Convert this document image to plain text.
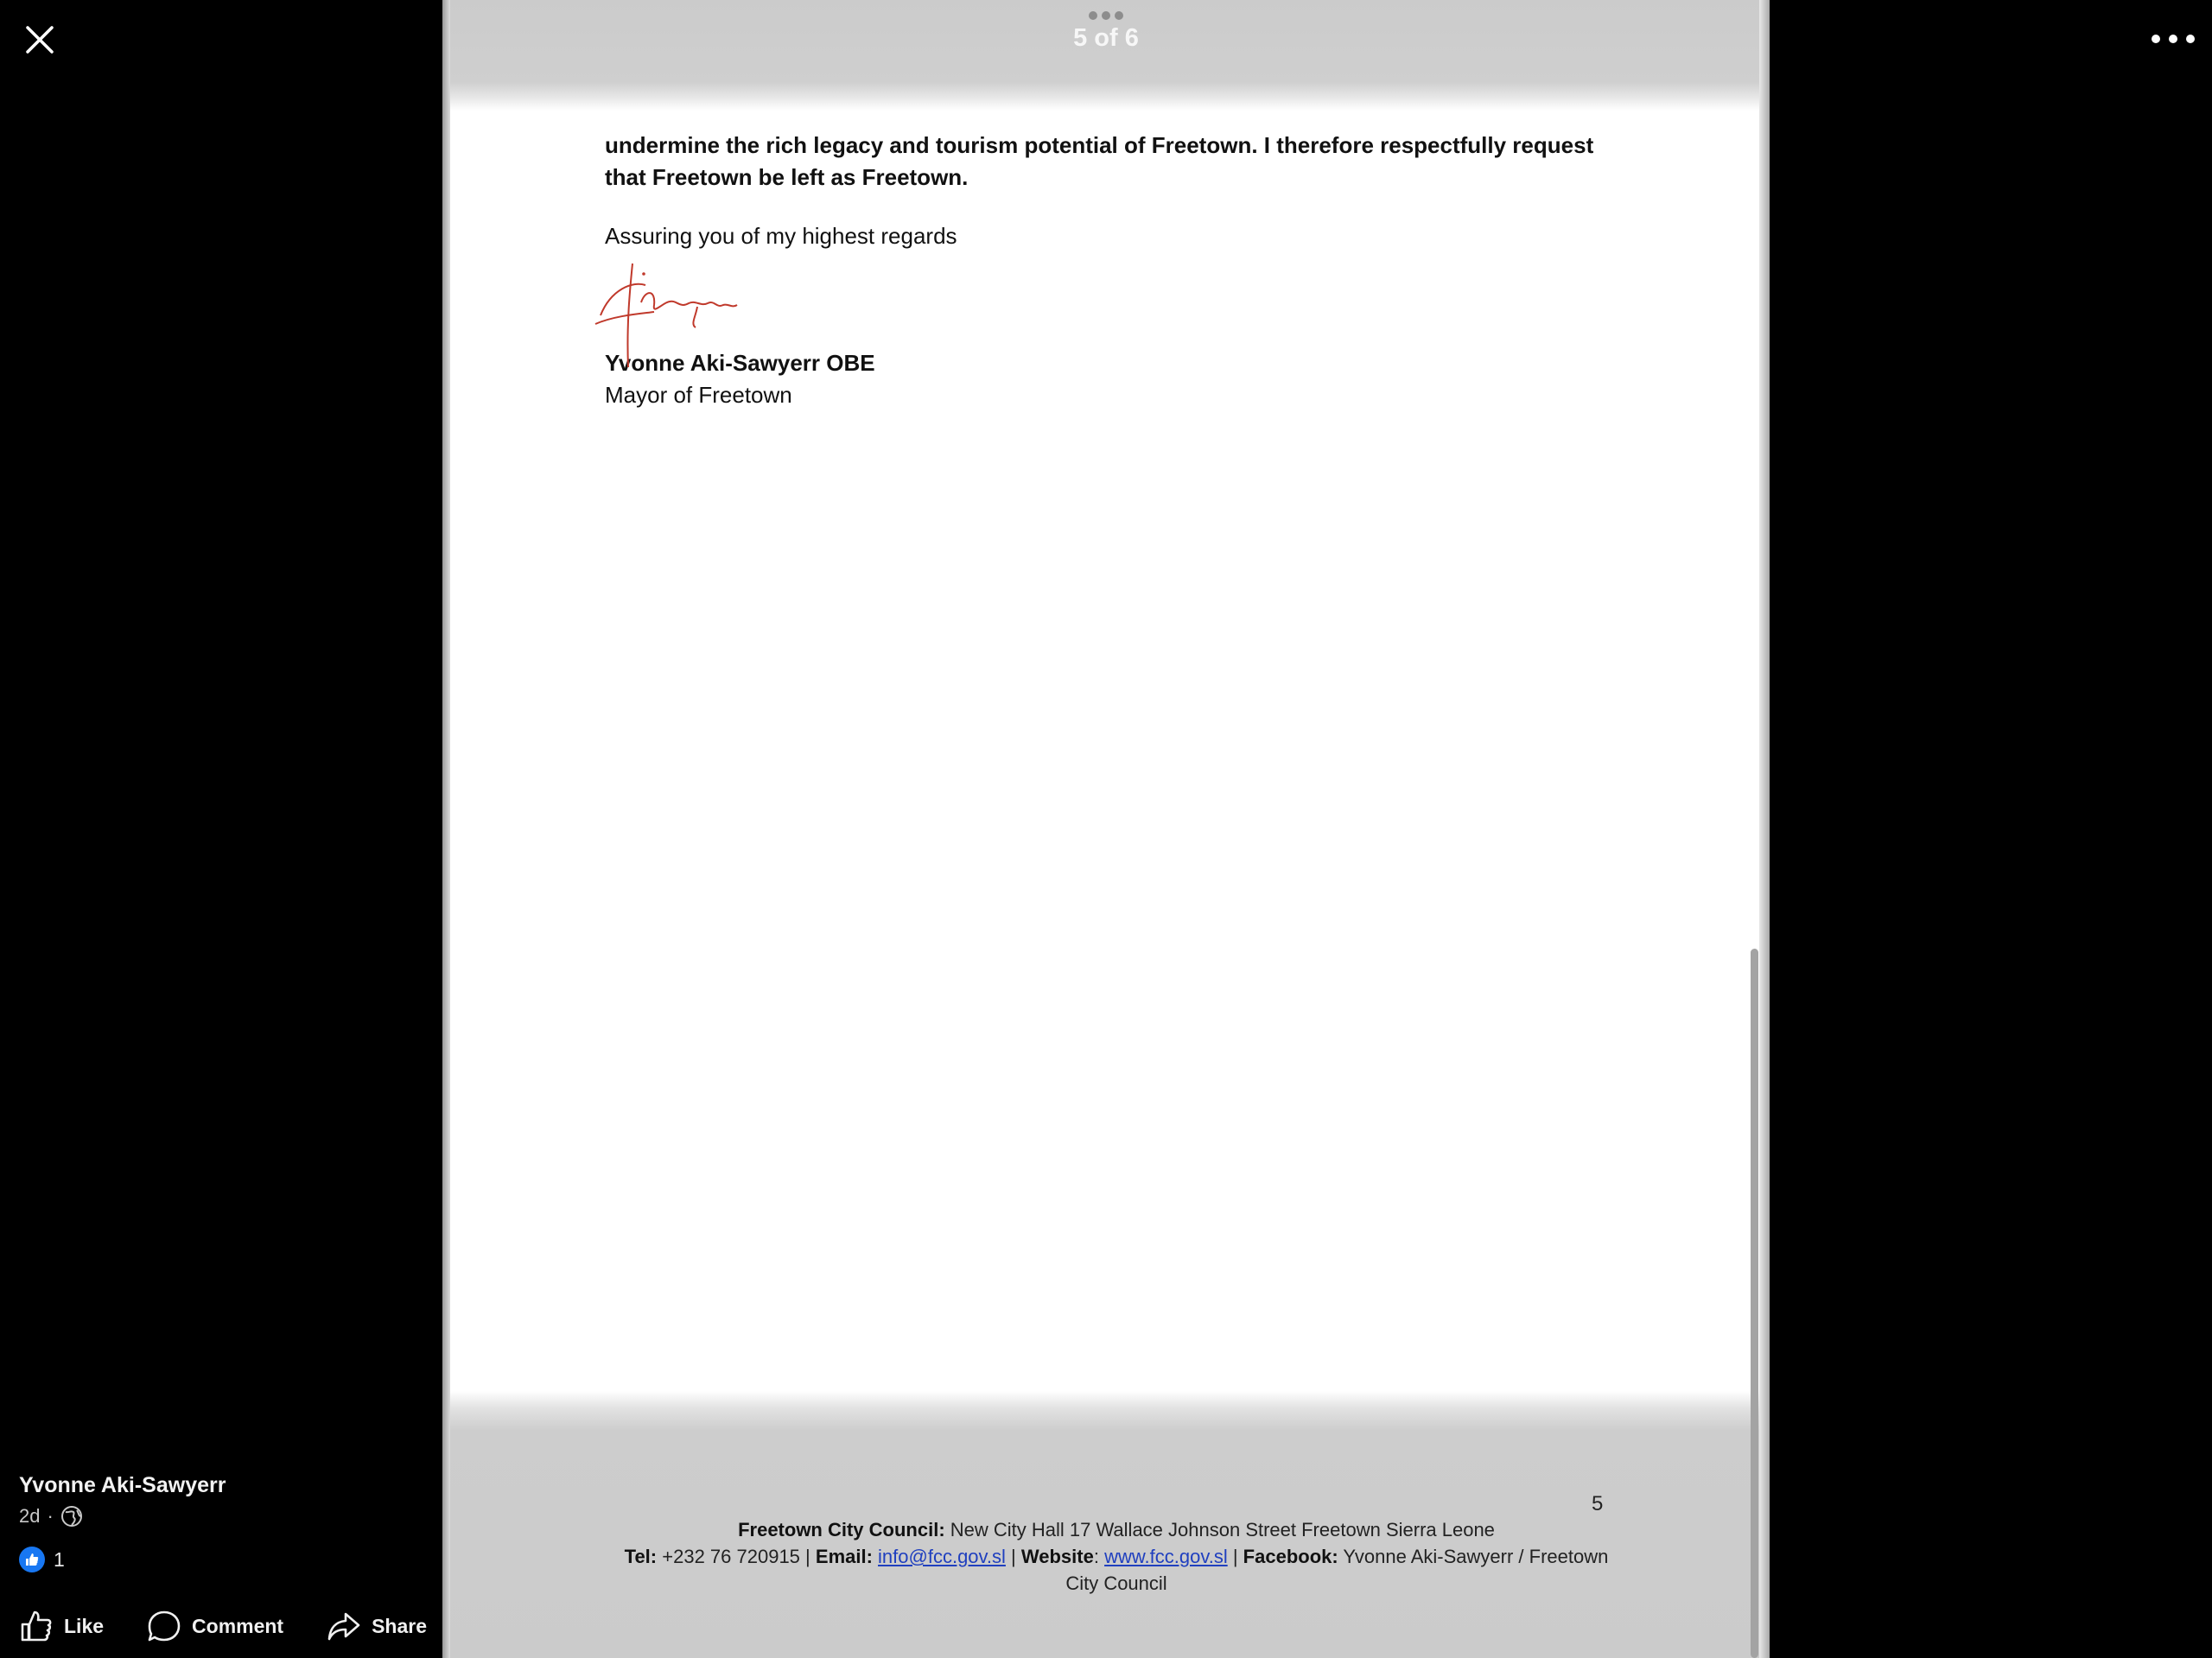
5 of 6

undermine the rich legacy and tourism potential of Freetown. I therefore respectfully request that Freetown be left as Freetown.

Assuring you of my highest regards

Yvonne Aki-Sawyerr OBE
Mayor of Freetown
5
Freetown City Council: New City Hall 17 Wallace Johnson Street Freetown Sierra Leone
Tel: +232 76 720915 | Email: info@fcc.gov.sl | Website: www.fcc.gov.sl | Facebook: Yvonne Aki-Sawyerr / Freetown City Council
Yvonne Aki-Sawyerr
2d ·
1
Like	Comment	Share
